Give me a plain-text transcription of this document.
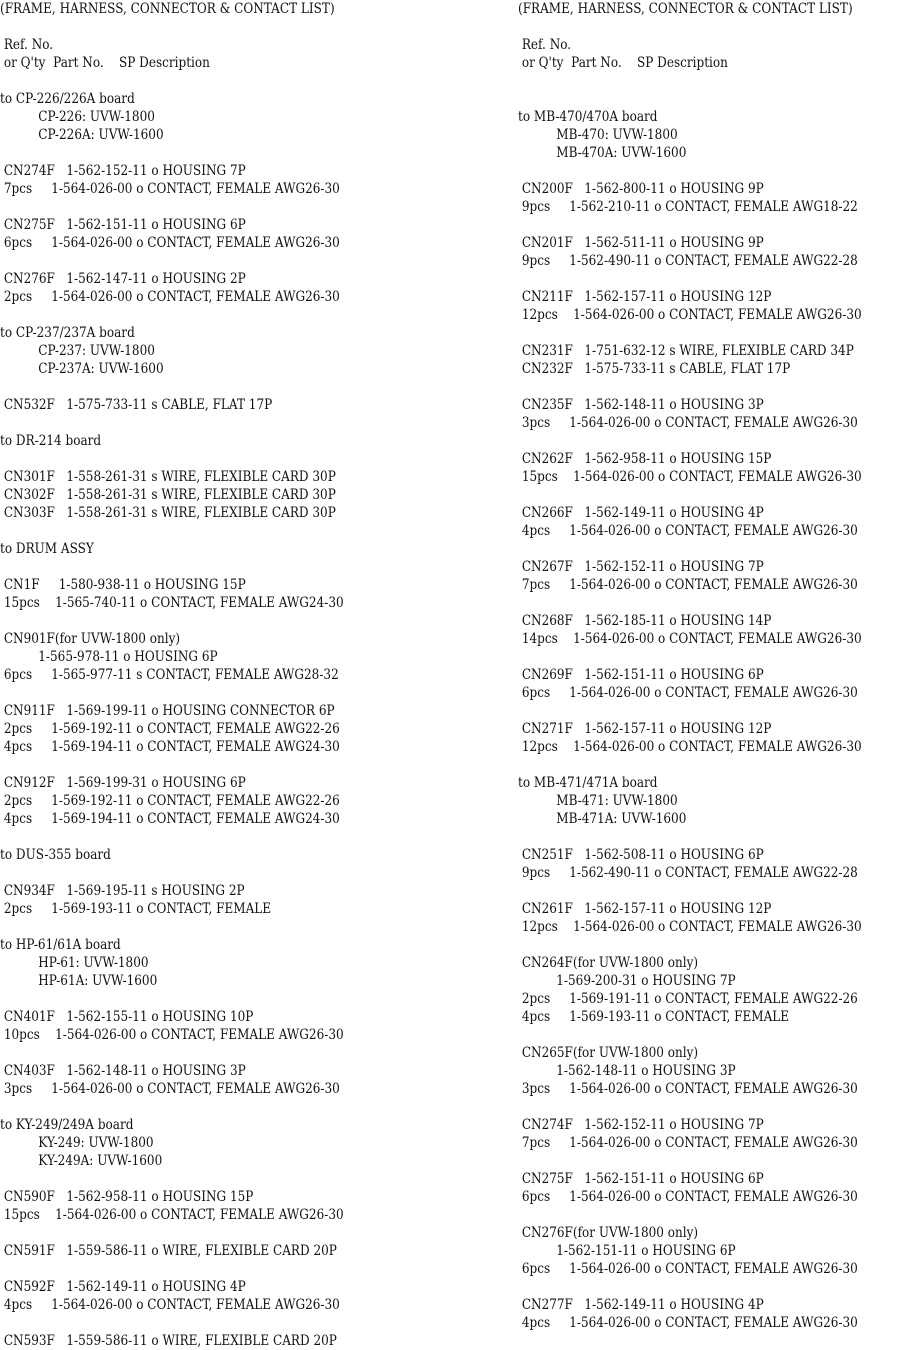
(FRAME, HARNESS, CONNECTOR & CONTACT LIST)
Ref. No.
or Q'ty  Part No.    SP Description
to CP-226/226A board
CP-226: UVW-1800
CP-226A: UVW-1600
CN274F   1-562-152-11 o HOUSING 7P
7pcs     1-564-026-00 o CONTACT, FEMALE AWG26-30
CN275F   1-562-151-11 o HOUSING 6P
6pcs     1-564-026-00 o CONTACT, FEMALE AWG26-30
CN276F   1-562-147-11 o HOUSING 2P
2pcs     1-564-026-00 o CONTACT, FEMALE AWG26-30
to CP-237/237A board
CP-237: UVW-1800
CP-237A: UVW-1600
CN532F   1-575-733-11 s CABLE, FLAT 17P
to DR-214 board
CN301F   1-558-261-31 s WIRE, FLEXIBLE CARD 30P
CN302F   1-558-261-31 s WIRE, FLEXIBLE CARD 30P
CN303F   1-558-261-31 s WIRE, FLEXIBLE CARD 30P
to DRUM ASSY
CN1F     1-580-938-11 o HOUSING 15P
15pcs    1-565-740-11 o CONTACT, FEMALE AWG24-30
CN901F(for UVW-1800 only)
1-565-978-11 o HOUSING 6P
6pcs     1-565-977-11 s CONTACT, FEMALE AWG28-32
CN911F   1-569-199-11 o HOUSING CONNECTOR 6P
2pcs     1-569-192-11 o CONTACT, FEMALE AWG22-26
4pcs     1-569-194-11 o CONTACT, FEMALE AWG24-30
CN912F   1-569-199-31 o HOUSING 6P
2pcs     1-569-192-11 o CONTACT, FEMALE AWG22-26
4pcs     1-569-194-11 o CONTACT, FEMALE AWG24-30
to DUS-355 board
CN934F   1-569-195-11 s HOUSING 2P
2pcs     1-569-193-11 o CONTACT, FEMALE
to HP-61/61A board
HP-61: UVW-1800
HP-61A: UVW-1600
CN401F   1-562-155-11 o HOUSING 10P
10pcs    1-564-026-00 o CONTACT, FEMALE AWG26-30
CN403F   1-562-148-11 o HOUSING 3P
3pcs     1-564-026-00 o CONTACT, FEMALE AWG26-30
to KY-249/249A board
KY-249: UVW-1800
KY-249A: UVW-1600
CN590F   1-562-958-11 o HOUSING 15P
15pcs    1-564-026-00 o CONTACT, FEMALE AWG26-30
CN591F   1-559-586-11 o WIRE, FLEXIBLE CARD 20P
CN592F   1-562-149-11 o HOUSING 4P
4pcs     1-564-026-00 o CONTACT, FEMALE AWG26-30
CN593F   1-559-586-11 o WIRE, FLEXIBLE CARD 20P
(FRAME, HARNESS, CONNECTOR & CONTACT LIST)
Ref. No.
or Q'ty  Part No.    SP Description
to MB-470/470A board
MB-470: UVW-1800
MB-470A: UVW-1600
CN200F   1-562-800-11 o HOUSING 9P
9pcs     1-562-210-11 o CONTACT, FEMALE AWG18-22
CN201F   1-562-511-11 o HOUSING 9P
9pcs     1-562-490-11 o CONTACT, FEMALE AWG22-28
CN211F   1-562-157-11 o HOUSING 12P
12pcs    1-564-026-00 o CONTACT, FEMALE AWG26-30
CN231F   1-751-632-12 s WIRE, FLEXIBLE CARD 34P
CN232F   1-575-733-11 s CABLE, FLAT 17P
CN235F   1-562-148-11 o HOUSING 3P
3pcs     1-564-026-00 o CONTACT, FEMALE AWG26-30
CN262F   1-562-958-11 o HOUSING 15P
15pcs    1-564-026-00 o CONTACT, FEMALE AWG26-30
CN266F   1-562-149-11 o HOUSING 4P
4pcs     1-564-026-00 o CONTACT, FEMALE AWG26-30
CN267F   1-562-152-11 o HOUSING 7P
7pcs     1-564-026-00 o CONTACT, FEMALE AWG26-30
CN268F   1-562-185-11 o HOUSING 14P
14pcs    1-564-026-00 o CONTACT, FEMALE AWG26-30
CN269F   1-562-151-11 o HOUSING 6P
6pcs     1-564-026-00 o CONTACT, FEMALE AWG26-30
CN271F   1-562-157-11 o HOUSING 12P
12pcs    1-564-026-00 o CONTACT, FEMALE AWG26-30
to MB-471/471A board
MB-471: UVW-1800
MB-471A: UVW-1600
CN251F   1-562-508-11 o HOUSING 6P
9pcs     1-562-490-11 o CONTACT, FEMALE AWG22-28
CN261F   1-562-157-11 o HOUSING 12P
12pcs    1-564-026-00 o CONTACT, FEMALE AWG26-30
CN264F(for UVW-1800 only)
1-569-200-31 o HOUSING 7P
2pcs     1-569-191-11 o CONTACT, FEMALE AWG22-26
4pcs     1-569-193-11 o CONTACT, FEMALE
CN265F(for UVW-1800 only)
1-562-148-11 o HOUSING 3P
3pcs     1-564-026-00 o CONTACT, FEMALE AWG26-30
CN274F   1-562-152-11 o HOUSING 7P
7pcs     1-564-026-00 o CONTACT, FEMALE AWG26-30
CN275F   1-562-151-11 o HOUSING 6P
6pcs     1-564-026-00 o CONTACT, FEMALE AWG26-30
CN276F(for UVW-1800 only)
1-562-151-11 o HOUSING 6P
6pcs     1-564-026-00 o CONTACT, FEMALE AWG26-30
CN277F   1-562-149-11 o HOUSING 4P
4pcs     1-564-026-00 o CONTACT, FEMALE AWG26-30
